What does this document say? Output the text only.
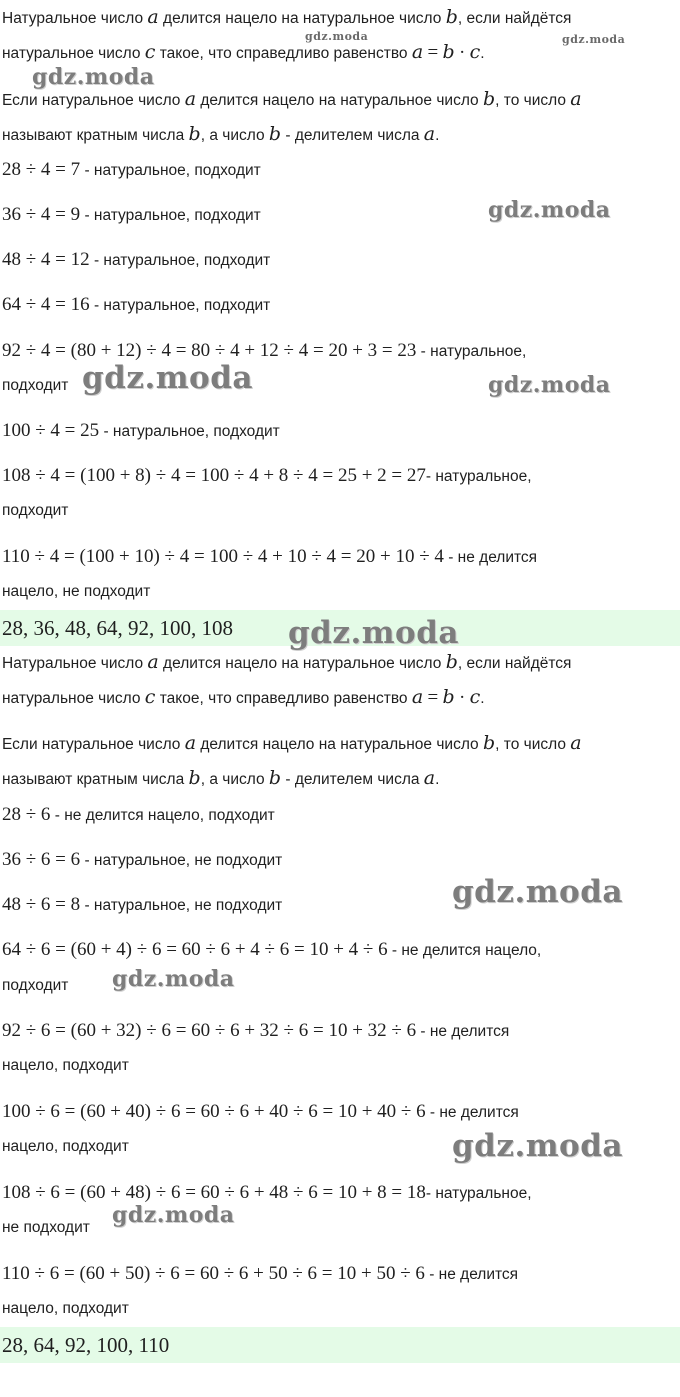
Натуральное число 𝑎 делится нацело на натуральное число 𝑏, если найдётся
натуральное число 𝑐 такое, что справедливо равенство 𝑎 = 𝑏 · 𝑐.
Если натуральное число 𝑎 делится нацело на натуральное число 𝑏, то число 𝑎
называют кратным числа 𝑏, а число 𝑏 - делителем числа 𝑎.
28 ÷ 4 = 7 - натуральное, подходит
36 ÷ 4 = 9 - натуральное, подходит
48 ÷ 4 = 12 - натуральное, подходит
64 ÷ 4 = 16 - натуральное, подходит
92 ÷ 4 = (80 + 12) ÷ 4 = 80 ÷ 4 + 12 ÷ 4 = 20 + 3 = 23 - натуральное,
подходит
100 ÷ 4 = 25 - натуральное, подходит
108 ÷ 4 = (100 + 8) ÷ 4 = 100 ÷ 4 + 8 ÷ 4 = 25 + 2 = 27- натуральное,
подходит
110 ÷ 4 = (100 + 10) ÷ 4 = 100 ÷ 4 + 10 ÷ 4 = 20 + 10 ÷ 4 - не делится
нацело, не подходит
28, 36, 48, 64, 92, 100, 108
Натуральное число 𝑎 делится нацело на натуральное число 𝑏, если найдётся
натуральное число 𝑐 такое, что справедливо равенство 𝑎 = 𝑏 · 𝑐.
Если натуральное число 𝑎 делится нацело на натуральное число 𝑏, то число 𝑎
называют кратным числа 𝑏, а число 𝑏 - делителем числа 𝑎.
28 ÷ 6 - не делится нацело, подходит
36 ÷ 6 = 6 - натуральное, не подходит
48 ÷ 6 = 8 - натуральное, не подходит
64 ÷ 6 = (60 + 4) ÷ 6 = 60 ÷ 6 + 4 ÷ 6 = 10 + 4 ÷ 6 - не делится нацело,
подходит
92 ÷ 6 = (60 + 32) ÷ 6 = 60 ÷ 6 + 32 ÷ 6 = 10 + 32 ÷ 6 - не делится
нацело, подходит
100 ÷ 6 = (60 + 40) ÷ 6 = 60 ÷ 6 + 40 ÷ 6 = 10 + 40 ÷ 6 - не делится
нацело, подходит
108 ÷ 6 = (60 + 48) ÷ 6 = 60 ÷ 6 + 48 ÷ 6 = 10 + 8 = 18- натуральное,
не подходит
110 ÷ 6 = (60 + 50) ÷ 6 = 60 ÷ 6 + 50 ÷ 6 = 10 + 50 ÷ 6 - не делится
нацело, подходит
28, 64, 92, 100, 110
gdz.moda	gdz.moda
gdz.moda
gdz.moda
gdz.moda	gdz.moda
gdz.moda
gdz.moda
gdz.moda
gdz.moda
gdz.moda
